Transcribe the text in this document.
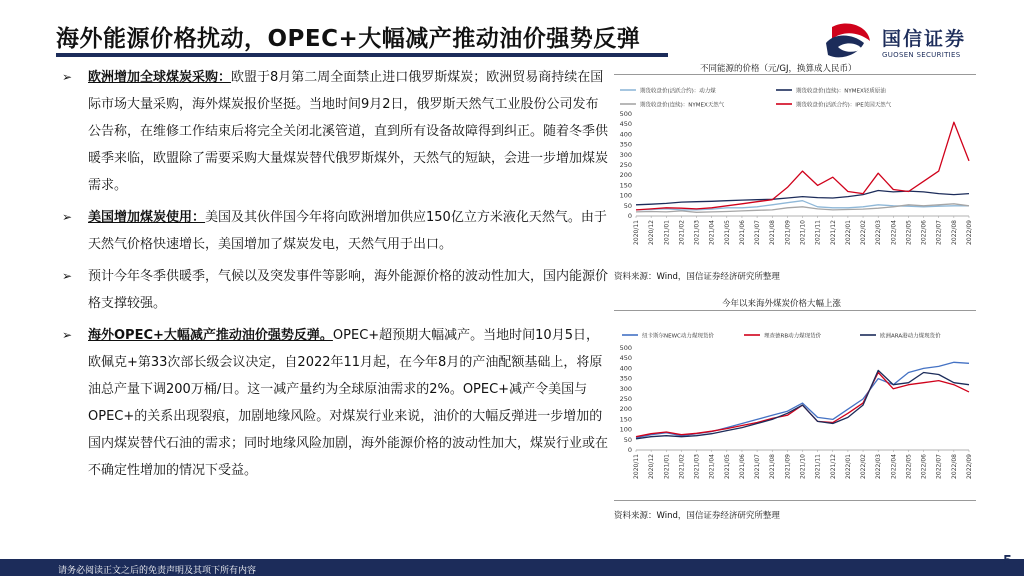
海外能源价格扰动，OPEC+大幅减产推动油价强势反弹	国信证券
GUOSEN SECURITIES
➢ 欧洲增加全球煤炭采购：欧盟于8月第二周全面禁止进口俄罗斯煤炭；欧洲贸易商持续在国际市场大量采购，海外煤炭报价坚挺。当地时间9月2日，俄罗斯天然气工业股份公司发布公告称，在维修工作结束后将完全关闭北溪管道，直到所有设备故障得到纠正。随着冬季供暖季来临，欧盟除了需要采购大量煤炭替代俄罗斯煤外，天然气的短缺，会进一步增加煤炭需求。
➢ 美国增加煤炭使用：美国及其伙伴国今年将向欧洲增加供应150亿立方米液化天然气。由于天然气价格快速增长，美国增加了煤炭发电，天然气用于出口。
➢ 预计今年冬季供暖季，气候以及突发事件等影响，海外能源价格的波动性加大，国内能源价格支撑较强。
➢ 海外OPEC+大幅减产推动油价强势反弹。OPEC+超预期大幅减产。当地时间10月5日，欧佩克+第33次部长级会议决定，自2022年11月起，在今年8月的产油配额基础上，将原油总产量下调200万桶/日。这一减产量约为全球原油需求的2%。OPEC+减产令美国与OPEC+的关系出现裂痕，加剧地缘风险。对煤炭行业来说，油价的大幅反弹进一步增加的国内煤炭替代石油的需求；同时地缘风险加剧，海外能源价格的波动性加大，煤炭行业或在不确定性增加的情况下受益。
不同能源的价格（元/GJ，换算成人民币）
期货收盘价(活跃合约)：动力煤	期货收盘价(连续)：NYMEX轻质原油
期货收盘价(连续)：NYMEX天然气	期货收盘价(活跃合约)：IPE英国天然气
0
50
100
150
200
250
300
350
400
450
500
2020/11 2020/12 2021/01 2021/02 2021/03 2021/04 2021/05 2021/06 2021/07 2021/08 2021/09 2021/10 2021/11 2021/12 2022/01 2022/02 2022/03 2022/04 2022/05 2022/06 2022/07 2022/08 2022/09
资料来源：Wind，国信证券经济研究所整理
今年以来海外煤炭价格大幅上涨
纽卡斯尔NEWC动力煤现货价	理查德RB动力煤现货价	欧洲ARA港动力煤现货价
0
50
100
150
200
250
300
350
400
450
500
2020/11 2020/12 2021/01 2021/02 2021/03 2021/04 2021/05 2021/06 2021/07 2021/08 2021/09 2021/10 2021/11 2021/12 2022/01 2022/02 2022/03 2022/04 2022/05 2022/06 2022/07 2022/08 2022/09
资料来源：Wind，国信证券经济研究所整理
请务必阅读正文之后的免责声明及其项下所有内容
5
